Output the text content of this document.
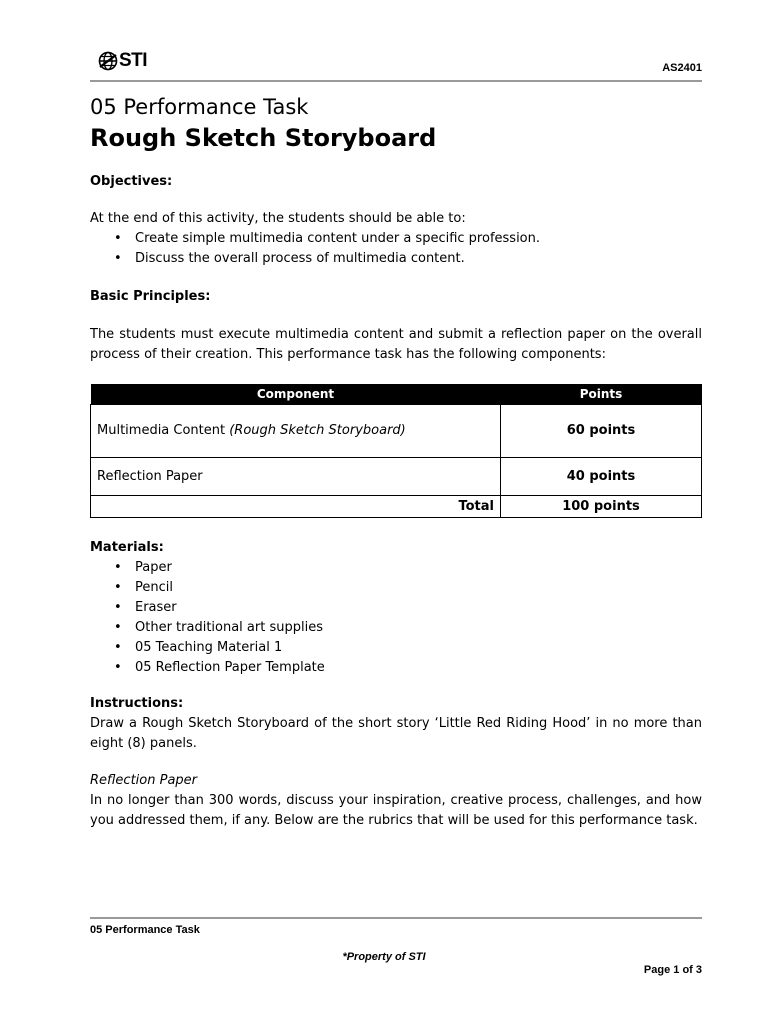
STI	AS2401
05 Performance Task
Rough Sketch Storyboard

Objectives:

At the end of this activity, the students should be able to:

• Create simple multimedia content under a specific profession.
• Discuss the overall process of multimedia content.

Basic Principles:

The students must execute multimedia content and submit a reflection paper on the overall process of their creation. This performance task has the following components:

Component	Points
Multimedia Content (Rough Sketch Storyboard)	60 points
Reflection Paper	40 points
Total	100 points

Materials:

• Paper
• Pencil
• Eraser
• Other traditional art supplies
• 05 Teaching Material 1
• 05 Reflection Paper Template

Instructions:

Draw a Rough Sketch Storyboard of the short story ‘Little Red Riding Hood’ in no more than eight (8) panels.

Reflection Paper

In no longer than 300 words, discuss your inspiration, creative process, challenges, and how you addressed them, if any. Below are the rubrics that will be used for this performance task.

05 Performance Task
*Property of STI
Page 1 of 3
